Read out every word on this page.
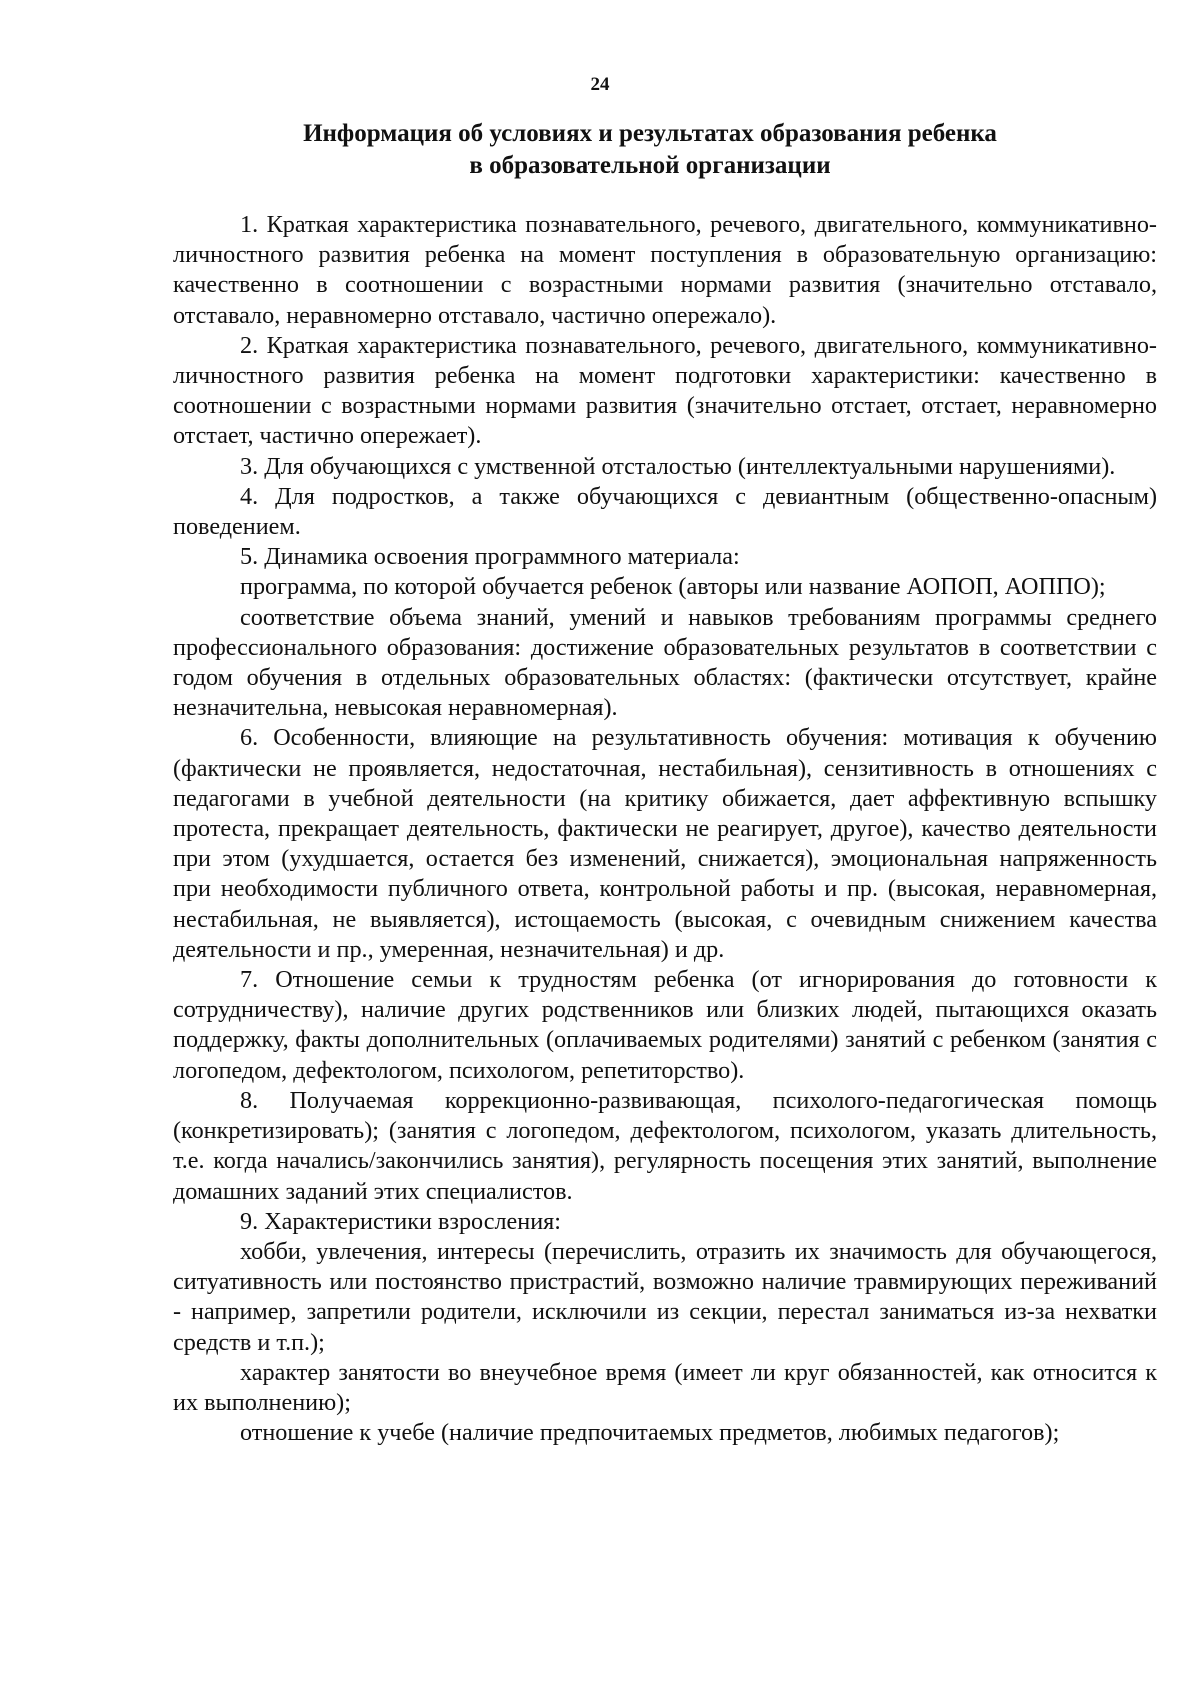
24
Информация об условиях и результатах образования ребенка
в образовательной организации

1. Краткая характеристика познавательного, речевого, двигательного, коммуникативно-личностного развития ребенка на момент поступления в образовательную организацию: качественно в соотношении с возрастными нормами развития (значительно отставало, отставало, неравномерно отставало, частично опережало).

2. Краткая характеристика познавательного, речевого, двигательного, коммуникативно-личностного развития ребенка на момент подготовки характеристики: качественно в соотношении с возрастными нормами развития (значительно отстает, отстает, неравномерно отстает, частично опережает).

3. Для обучающихся с умственной отсталостью (интеллектуальными нарушениями).

4. Для подростков, а также обучающихся с девиантным (общественно-опасным) поведением.

5. Динамика освоения программного материала:

программа, по которой обучается ребенок (авторы или название АОПОП, АОППО);

соответствие объема знаний, умений и навыков требованиям программы среднего профессионального образования: достижение образовательных результатов в соответствии с годом обучения в отдельных образовательных областях: (фактически отсутствует, крайне незначительна, невысокая неравномерная).

6. Особенности, влияющие на результативность обучения: мотивация к обучению (фактически не проявляется, недостаточная, нестабильная), сензитивность в отношениях с педагогами в учебной деятельности (на критику обижается, дает аффективную вспышку протеста, прекращает деятельность, фактически не реагирует, другое), качество деятельности при этом (ухудшается, остается без изменений, снижается), эмоциональная напряженность при необходимости публичного ответа, контрольной работы и пр. (высокая, неравномерная, нестабильная, не выявляется), истощаемость (высокая, с очевидным снижением качества деятельности и пр., умеренная, незначительная) и др.

7. Отношение семьи к трудностям ребенка (от игнорирования до готовности к сотрудничеству), наличие других родственников или близких людей, пытающихся оказать поддержку, факты дополнительных (оплачиваемых родителями) занятий с ребенком (занятия с логопедом, дефектологом, психологом, репетиторство).

8. Получаемая коррекционно-развивающая, психолого-педагогическая помощь (конкретизировать); (занятия с логопедом, дефектологом, психологом, указать длительность, т.е. когда начались/закончились занятия), регулярность посещения этих занятий, выполнение домашних заданий этих специалистов.

9. Характеристики взросления:

хобби, увлечения, интересы (перечислить, отразить их значимость для обучающегося, ситуативность или постоянство пристрастий, возможно наличие травмирующих переживаний - например, запретили родители, исключили из секции, перестал заниматься из-за нехватки средств и т.п.);

характер занятости во внеучебное время (имеет ли круг обязанностей, как относится к их выполнению);

отношение к учебе (наличие предпочитаемых предметов, любимых педагогов);
